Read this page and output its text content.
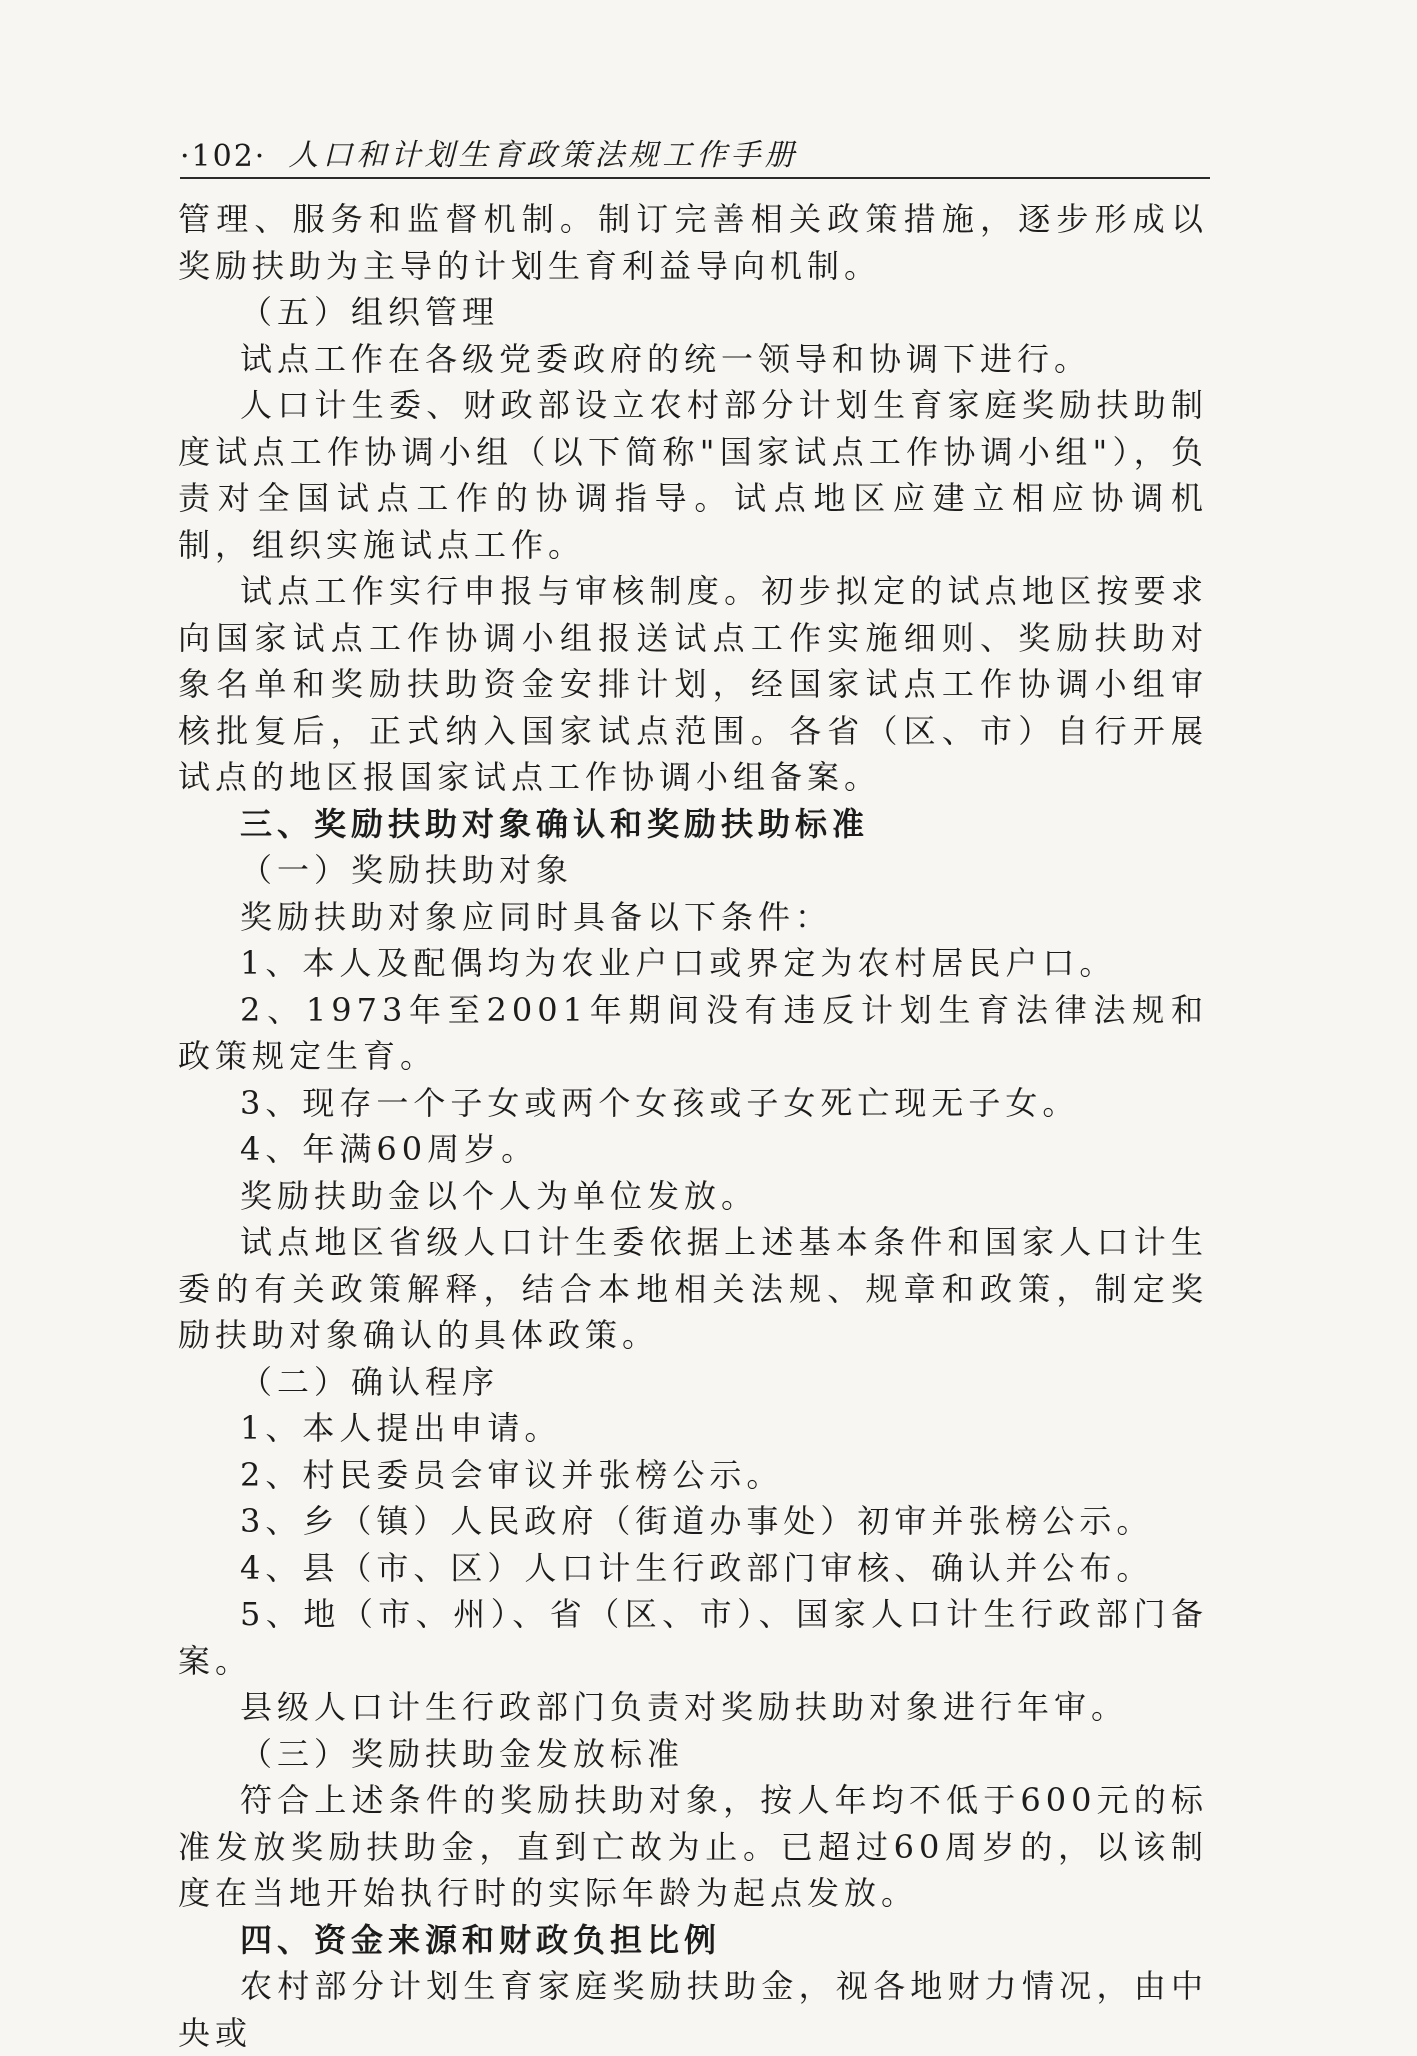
·102· 人口和计划生育政策法规工作手册

管理、服务和监督机制。制订完善相关政策措施，逐步形成以奖励扶助为主导的计划生育利益导向机制。

（五）组织管理

试点工作在各级党委政府的统一领导和协调下进行。

人口计生委、财政部设立农村部分计划生育家庭奖励扶助制度试点工作协调小组（以下简称"国家试点工作协调小组"），负责对全国试点工作的协调指导。试点地区应建立相应协调机制，组织实施试点工作。

试点工作实行申报与审核制度。初步拟定的试点地区按要求向国家试点工作协调小组报送试点工作实施细则、奖励扶助对象名单和奖励扶助资金安排计划，经国家试点工作协调小组审核批复后，正式纳入国家试点范围。各省（区、市）自行开展试点的地区报国家试点工作协调小组备案。

三、奖励扶助对象确认和奖励扶助标准

（一）奖励扶助对象

奖励扶助对象应同时具备以下条件：

1、本人及配偶均为农业户口或界定为农村居民户口。

2、1973年至2001年期间没有违反计划生育法律法规和政策规定生育。

3、现存一个子女或两个女孩或子女死亡现无子女。

4、年满60周岁。

奖励扶助金以个人为单位发放。

试点地区省级人口计生委依据上述基本条件和国家人口计生委的有关政策解释，结合本地相关法规、规章和政策，制定奖励扶助对象确认的具体政策。

（二）确认程序

1、本人提出申请。

2、村民委员会审议并张榜公示。

3、乡（镇）人民政府（街道办事处）初审并张榜公示。

4、县（市、区）人口计生行政部门审核、确认并公布。

5、地（市、州）、省（区、市）、国家人口计生行政部门备案。

县级人口计生行政部门负责对奖励扶助对象进行年审。

（三）奖励扶助金发放标准

符合上述条件的奖励扶助对象，按人年均不低于600元的标准发放奖励扶助金，直到亡故为止。已超过60周岁的，以该制度在当地开始执行时的实际年龄为起点发放。

四、资金来源和财政负担比例

农村部分计划生育家庭奖励扶助金，视各地财力情况，由中央或
